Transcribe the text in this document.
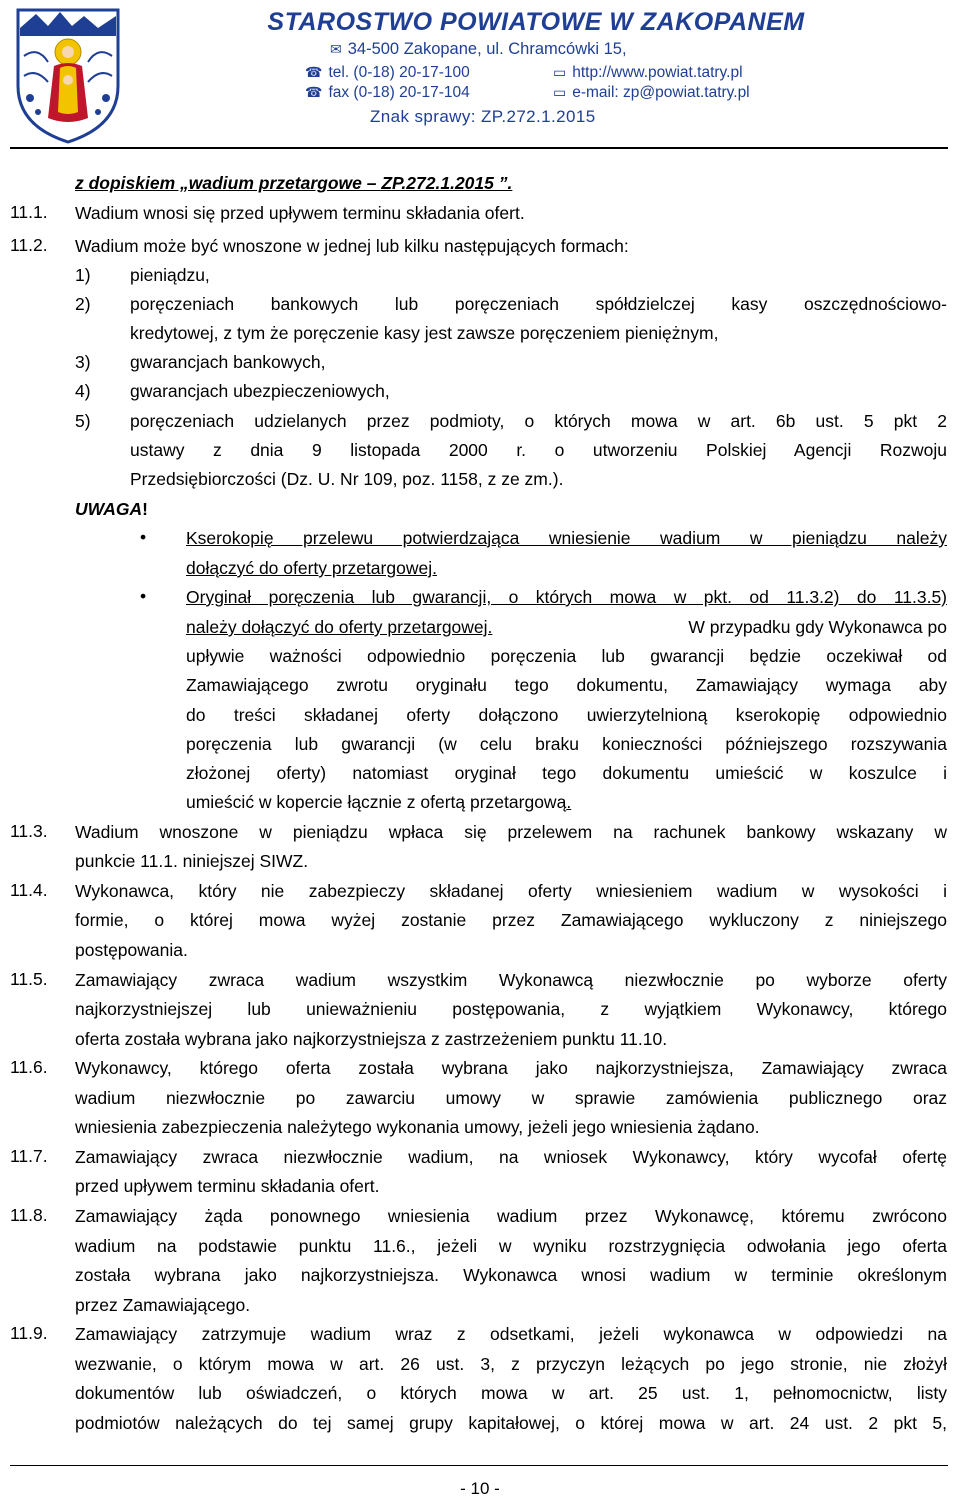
STAROSTWO POWIATOWE W ZAKOPANEM
✉ 34-500 Zakopane, ul. Chramcówki 15,
☎ tel. (0-18) 20-17-100
☎ fax (0-18) 20-17-104
▭ http://www.powiat.tatry.pl
▭ e-mail: zp@powiat.tatry.pl
Znak sprawy: ZP.272.1.2015
z dopiskiem „wadium przetargowe – ZP.272.1.2015 ”.
11.1. Wadium wnosi się przed upływem terminu składania ofert.
11.2. Wadium może być wnoszone w jednej lub kilku następujących formach:
1) pieniądzu,
2) poręczeniach bankowych lub poręczeniach spółdzielczej kasy oszczędnościowo-
kredytowej, z tym że poręczenie kasy jest zawsze poręczeniem pieniężnym,
3) gwarancjach bankowych,
4) gwarancjach ubezpieczeniowych,
5) poręczeniach udzielanych przez podmioty, o których mowa w art. 6b ust. 5 pkt 2
ustawy z dnia 9 listopada 2000 r. o utworzeniu Polskiej Agencji Rozwoju
Przedsiębiorczości (Dz. U. Nr 109, poz. 1158, z ze zm.).
UWAGA!
• Kserokopię przelewu potwierdzająca wniesienie wadium w pieniądzu należy
dołączyć do oferty przetargowej.
• Oryginał poręczenia lub gwarancji, o których mowa w pkt. od 11.3.2) do 11.3.5)
należy dołączyć do oferty przetargowej.	W przypadku gdy Wykonawca po
upływie ważności odpowiednio poręczenia lub gwarancji będzie oczekiwał od
Zamawiającego zwrotu oryginału tego dokumentu, Zamawiający wymaga aby
do treści składanej oferty dołączono uwierzytelnioną kserokopię odpowiednio
poręczenia lub gwarancji (w celu braku konieczności późniejszego rozszywania
złożonej oferty) natomiast oryginał tego dokumentu umieścić w koszulce i
umieścić w kopercie łącznie z ofertą przetargową.
11.3. Wadium wnoszone w pieniądzu wpłaca się przelewem na rachunek bankowy wskazany w
punkcie 11.1. niniejszej SIWZ.
11.4. Wykonawca, który nie zabezpieczy składanej oferty wniesieniem wadium w wysokości i
formie, o której mowa wyżej zostanie przez Zamawiającego wykluczony z niniejszego
postępowania.
11.5. Zamawiający zwraca wadium wszystkim Wykonawcą niezwłocznie po wyborze oferty
najkorzystniejszej lub unieważnieniu postępowania, z wyjątkiem Wykonawcy, którego
oferta została wybrana jako najkorzystniejsza z zastrzeżeniem punktu 11.10.
11.6. Wykonawcy, którego oferta została wybrana jako najkorzystniejsza, Zamawiający zwraca
wadium niezwłocznie po zawarciu umowy w sprawie zamówienia publicznego oraz
wniesienia zabezpieczenia należytego wykonania umowy, jeżeli jego wniesienia żądano.
11.7. Zamawiający zwraca niezwłocznie wadium, na wniosek Wykonawcy, który wycofał ofertę
przed upływem terminu składania ofert.
11.8. Zamawiający żąda ponownego wniesienia wadium przez Wykonawcę, któremu zwrócono
wadium na podstawie punktu 11.6., jeżeli w wyniku rozstrzygnięcia odwołania jego oferta
została wybrana jako najkorzystniejsza. Wykonawca wnosi wadium w terminie określonym
przez Zamawiającego.
11.9. Zamawiający zatrzymuje wadium wraz z odsetkami, jeżeli wykonawca w odpowiedzi na
wezwanie, o którym mowa w art. 26 ust. 3, z przyczyn leżących po jego stronie, nie złożył
dokumentów lub oświadczeń, o których mowa w art. 25 ust. 1, pełnomocnictw, listy
podmiotów należących do tej samej grupy kapitałowej, o której mowa w art. 24 ust. 2 pkt 5,
- 10 -
